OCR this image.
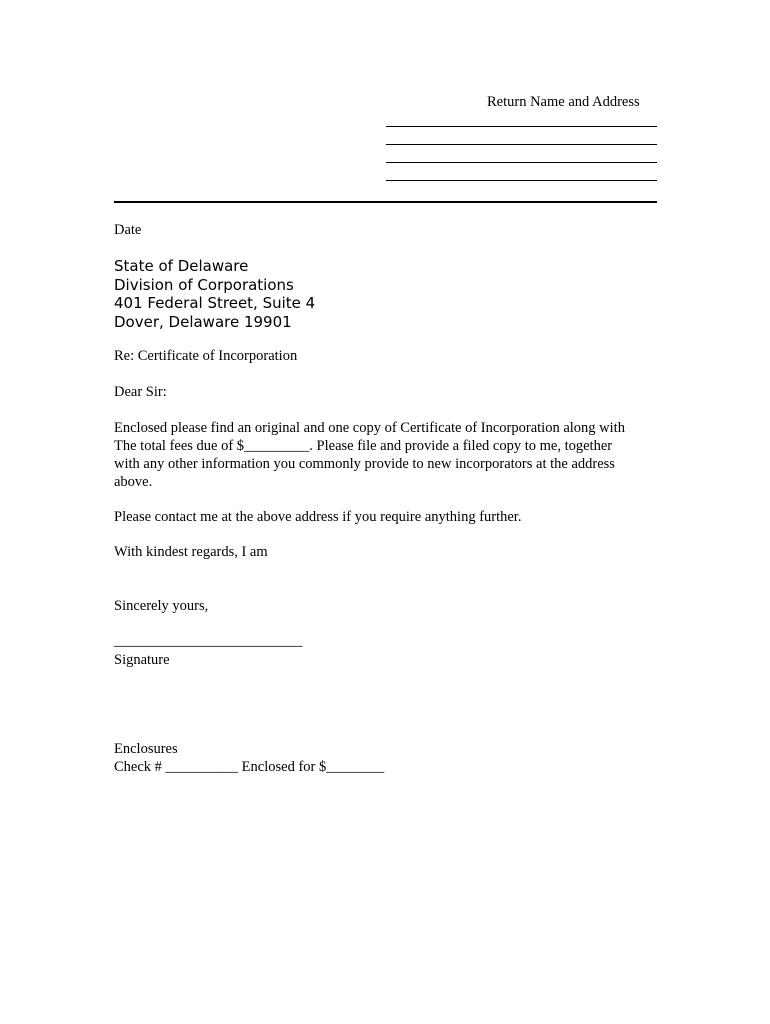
Return Name and Address
Date
State of Delaware
Division of Corporations
401 Federal Street, Suite 4
Dover, Delaware 19901
Re: Certificate of Incorporation
Dear Sir:
Enclosed please find an original and one copy of Certificate of Incorporation along with
The total fees due of $_________. Please file and provide a filed copy to me, together
with any other information you commonly provide to new incorporators at the address
above.
Please contact me at the above address if you require anything further.
With kindest regards, I am
Sincerely yours,
__________________________
Signature
Enclosures
Check # __________ Enclosed for $________
